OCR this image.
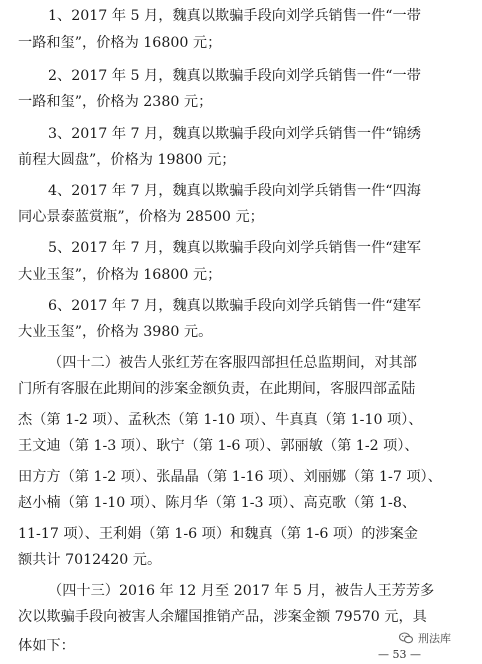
1、2017 年 5 月，魏真以欺骗手段向刘学兵销售一件“一带
一路和玺”，价格为 16800 元；
2、2017 年 5 月，魏真以欺骗手段向刘学兵销售一件“一带
一路和玺”，价格为 2380 元；
3、2017 年 7 月，魏真以欺骗手段向刘学兵销售一件“锦绣
前程大圆盘”，价格为 19800 元；
4、2017 年 7 月，魏真以欺骗手段向刘学兵销售一件“四海
同心景泰蓝赏瓶”，价格为 28500 元；
5、2017 年 7 月，魏真以欺骗手段向刘学兵销售一件“建军
大业玉玺”，价格为 16800 元；
6、2017 年 7 月，魏真以欺骗手段向刘学兵销售一件“建军
大业玉玺”，价格为 3980 元。
（四十二）被告人张红芳在客服四部担任总监期间，对其部
门所有客服在此期间的涉案金额负责，在此期间，客服四部孟陆
杰（第 1-2 项）、孟秋杰（第 1-10 项）、牛真真（第 1-10 项）、
王文迪（第 1-3 项）、耿宁（第 1-6 项）、郭丽敏（第 1-2 项）、
田方方（第 1-2 项）、张晶晶（第 1-16 项）、刘丽娜（第 1-7 项）、
赵小楠（第 1-10 项）、陈月华（第 1-3 项）、高克歌（第 1-8、
11-17 项）、王利娟（第 1-6 项）和魏真（第 1-6 项）的涉案金
额共计 7012420 元。
（四十三）2016 年 12 月至 2017 年 5 月，被告人王芳芳多
次以欺骗手段向被害人余耀国推销产品，涉案金额 79570 元，具
体如下：	刑法库
— 53 —
